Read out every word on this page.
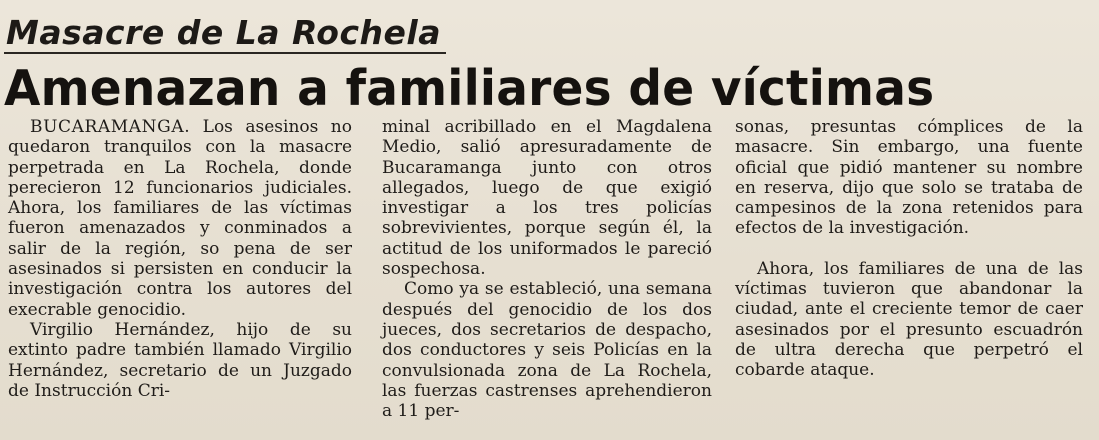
Masacre de La Rochela
Amenazan a familiares de víctimas

BUCARAMANGA. Los asesinos no quedaron tranquilos con la masacre perpetrada en La Rochela, donde perecieron 12 funcionarios judiciales. Ahora, los familiares de las víctimas fueron amenazados y conminados a salir de la región, so pena de ser asesinados si persisten en conducir la investigación contra los autores del execrable genocidio.

Virgilio Hernández, hijo de su extinto padre también llamado Virgilio Hernández, secretario de un Juzgado de Instrucción Cri-

minal acribillado en el Magdalena Medio, salió apresuradamente de Bucaramanga junto con otros allegados, luego de que exigió investigar a los tres policías sobrevivientes, porque según él, la actitud de los uniformados le pareció sospechosa.

Como ya se estableció, una semana después del genocidio de los dos jueces, dos secretarios de despacho, dos conductores y seis Policías en la convulsionada zona de La Rochela, las fuerzas castrenses aprehendieron a 11 per-

sonas, presuntas cómplices de la masacre. Sin embargo, una fuente oficial que pidió mantener su nombre en reserva, dijo que solo se trataba de campesinos de la zona retenidos para efectos de la investigación.

Ahora, los familiares de una de las víctimas tuvieron que abandonar la ciudad, ante el creciente temor de caer asesinados por el presunto escuadrón de ultra derecha que perpetró el cobarde ataque.
